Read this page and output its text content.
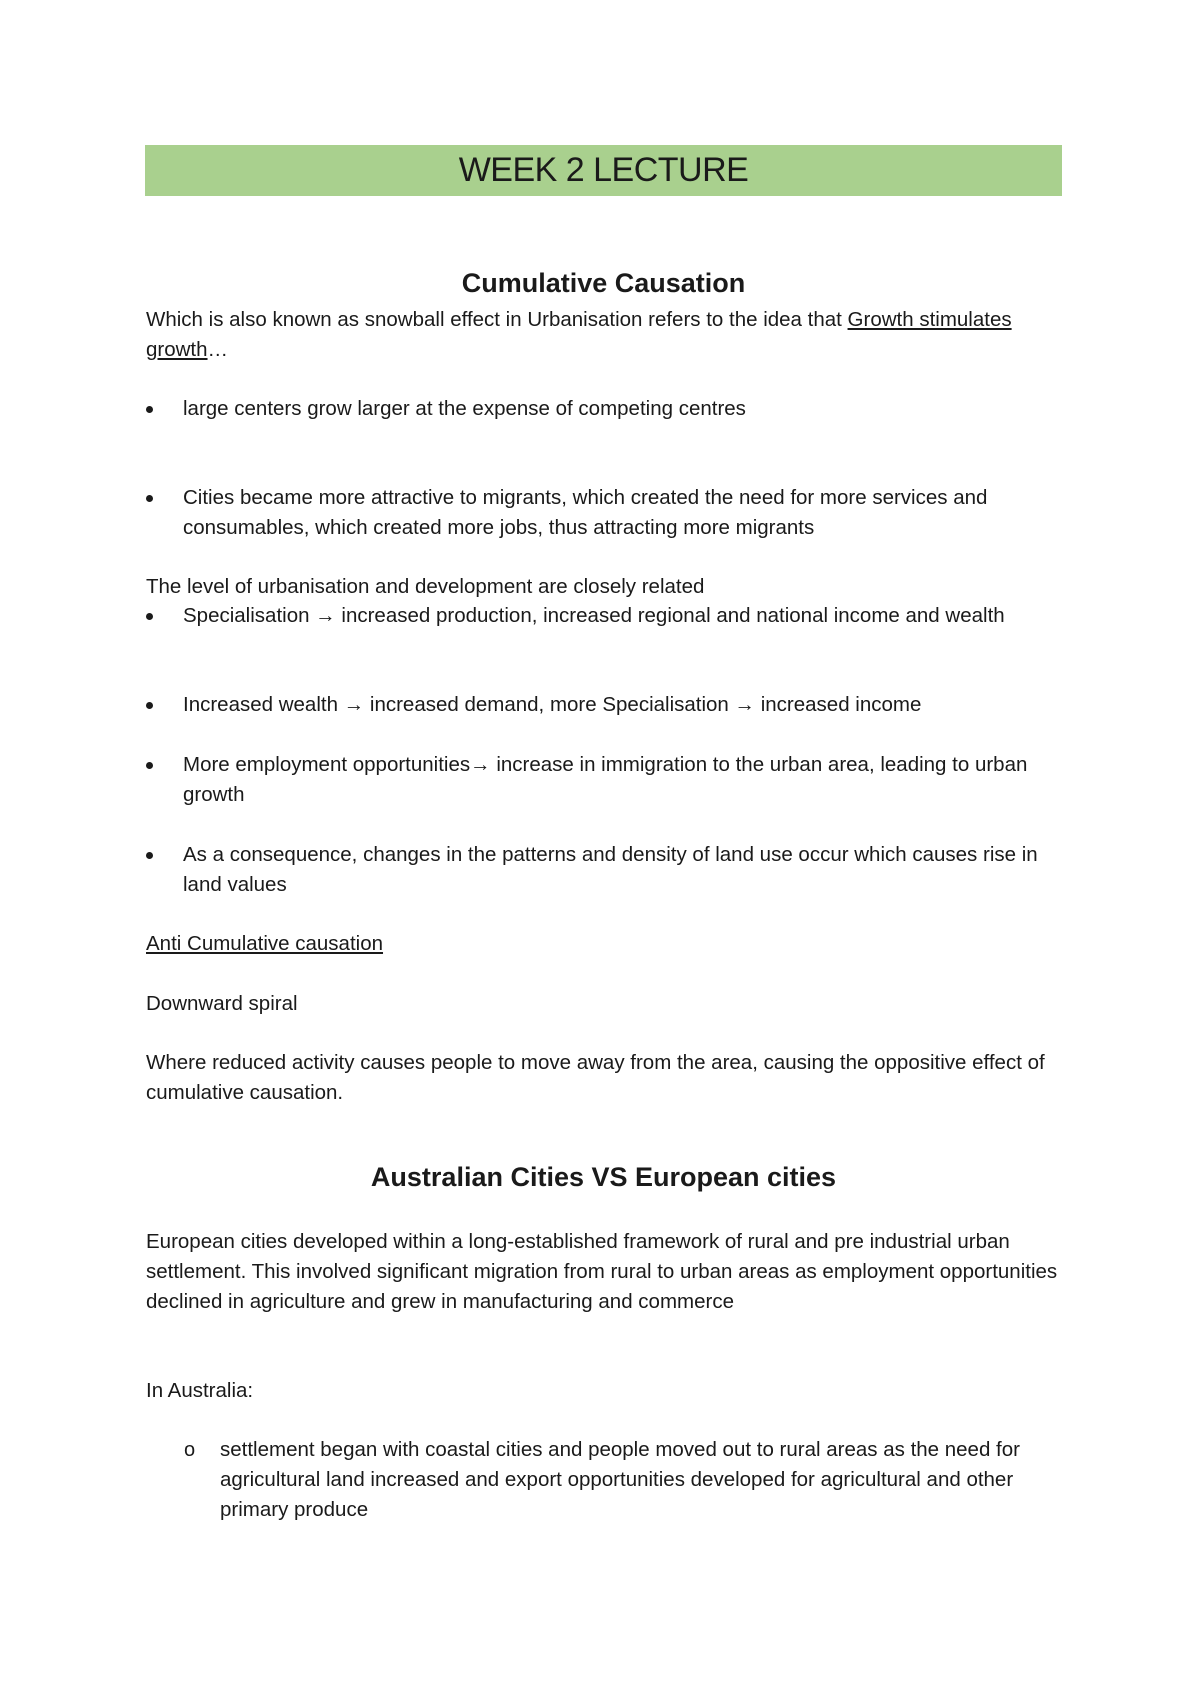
WEEK 2 LECTURE
Cumulative Causation
Which is also known as snowball effect in Urbanisation refers to the idea that Growth stimulates growth…
large centers grow larger at the expense of competing centres
Cities became more attractive to migrants, which created the need for more services and consumables, which created more jobs, thus attracting more migrants
The level of urbanisation and development are closely related
Specialisation → increased production, increased regional and national income and wealth
Increased wealth → increased demand, more Specialisation → increased income
More employment opportunities→ increase in immigration to the urban area, leading to urban growth
As a consequence, changes in the patterns and density of land use occur which causes rise in land values
Anti Cumulative causation
Downward spiral
Where reduced activity causes people to move away from the area, causing the oppositive effect of cumulative causation.
Australian Cities VS European cities
European cities developed within a long-established framework of rural and pre industrial urban settlement. This involved significant migration from rural to urban areas as employment opportunities declined in agriculture and grew in manufacturing and commerce
In Australia:
o settlement began with coastal cities and people moved out to rural areas as the need for agricultural land increased and export opportunities developed for agricultural and other primary produce
